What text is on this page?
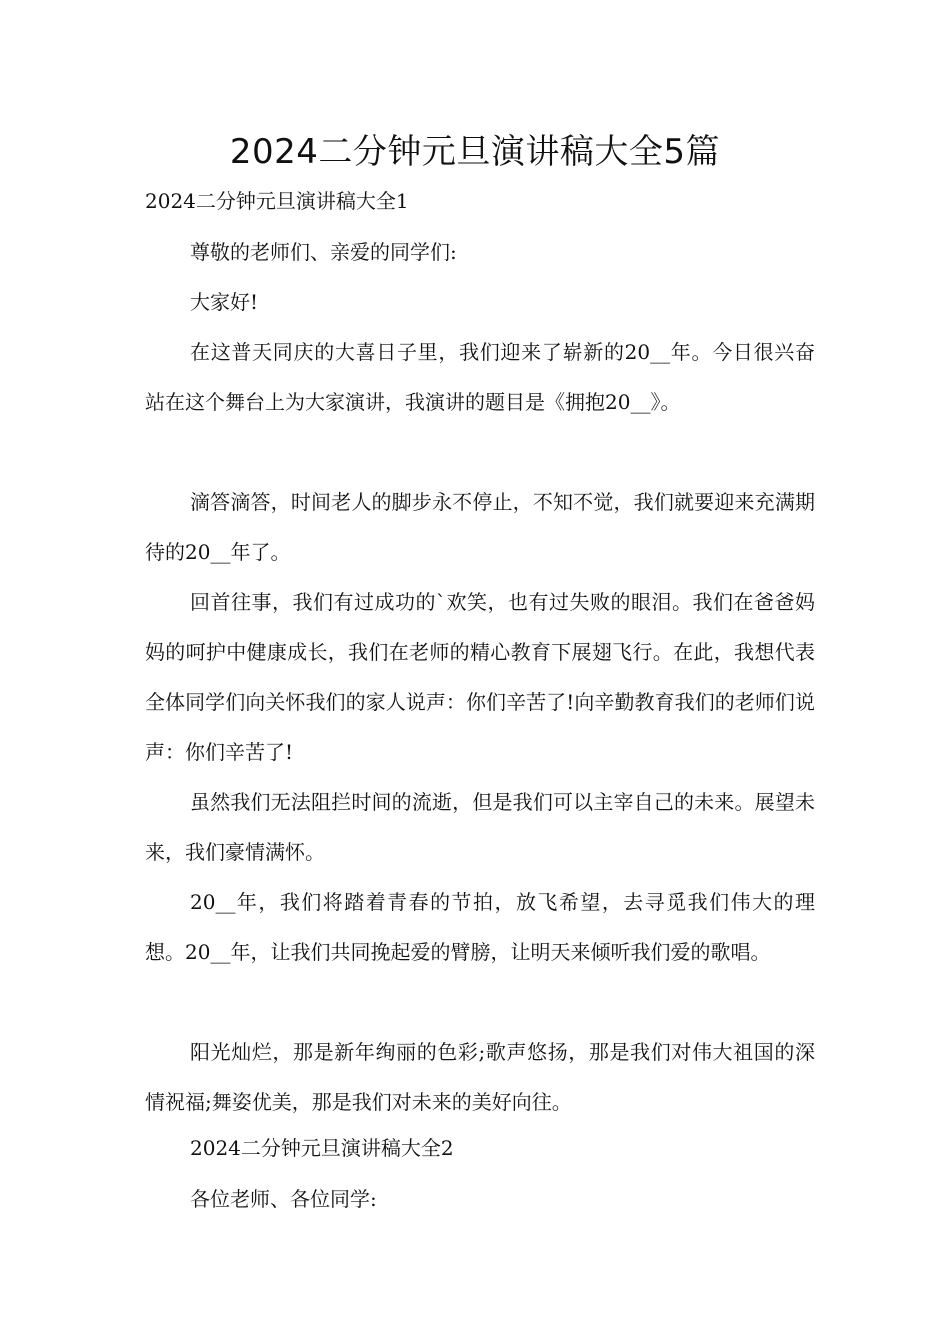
2024二分钟元旦演讲稿大全5篇

2024二分钟元旦演讲稿大全1

尊敬的老师们、亲爱的同学们:

大家好!

在这普天同庆的大喜日子里，我们迎来了崭新的20__年。今日很兴奋站在这个舞台上为大家演讲，我演讲的题目是《拥抱20__》。

滴答滴答，时间老人的脚步永不停止，不知不觉，我们就要迎来充满期待的20__年了。

回首往事，我们有过成功的`欢笑，也有过失败的眼泪。我们在爸爸妈妈的呵护中健康成长，我们在老师的精心教育下展翅飞行。在此，我想代表全体同学们向关怀我们的家人说声：你们辛苦了!向辛勤教育我们的老师们说声：你们辛苦了!

虽然我们无法阻拦时间的流逝，但是我们可以主宰自己的未来。展望未来，我们豪情满怀。

20__年，我们将踏着青春的节拍，放飞希望，去寻觅我们伟大的理想。20__年，让我们共同挽起爱的臂膀，让明天来倾听我们爱的歌唱。

阳光灿烂，那是新年绚丽的色彩;歌声悠扬，那是我们对伟大祖国的深情祝福;舞姿优美，那是我们对未来的美好向往。

2024二分钟元旦演讲稿大全2

各位老师、各位同学:
